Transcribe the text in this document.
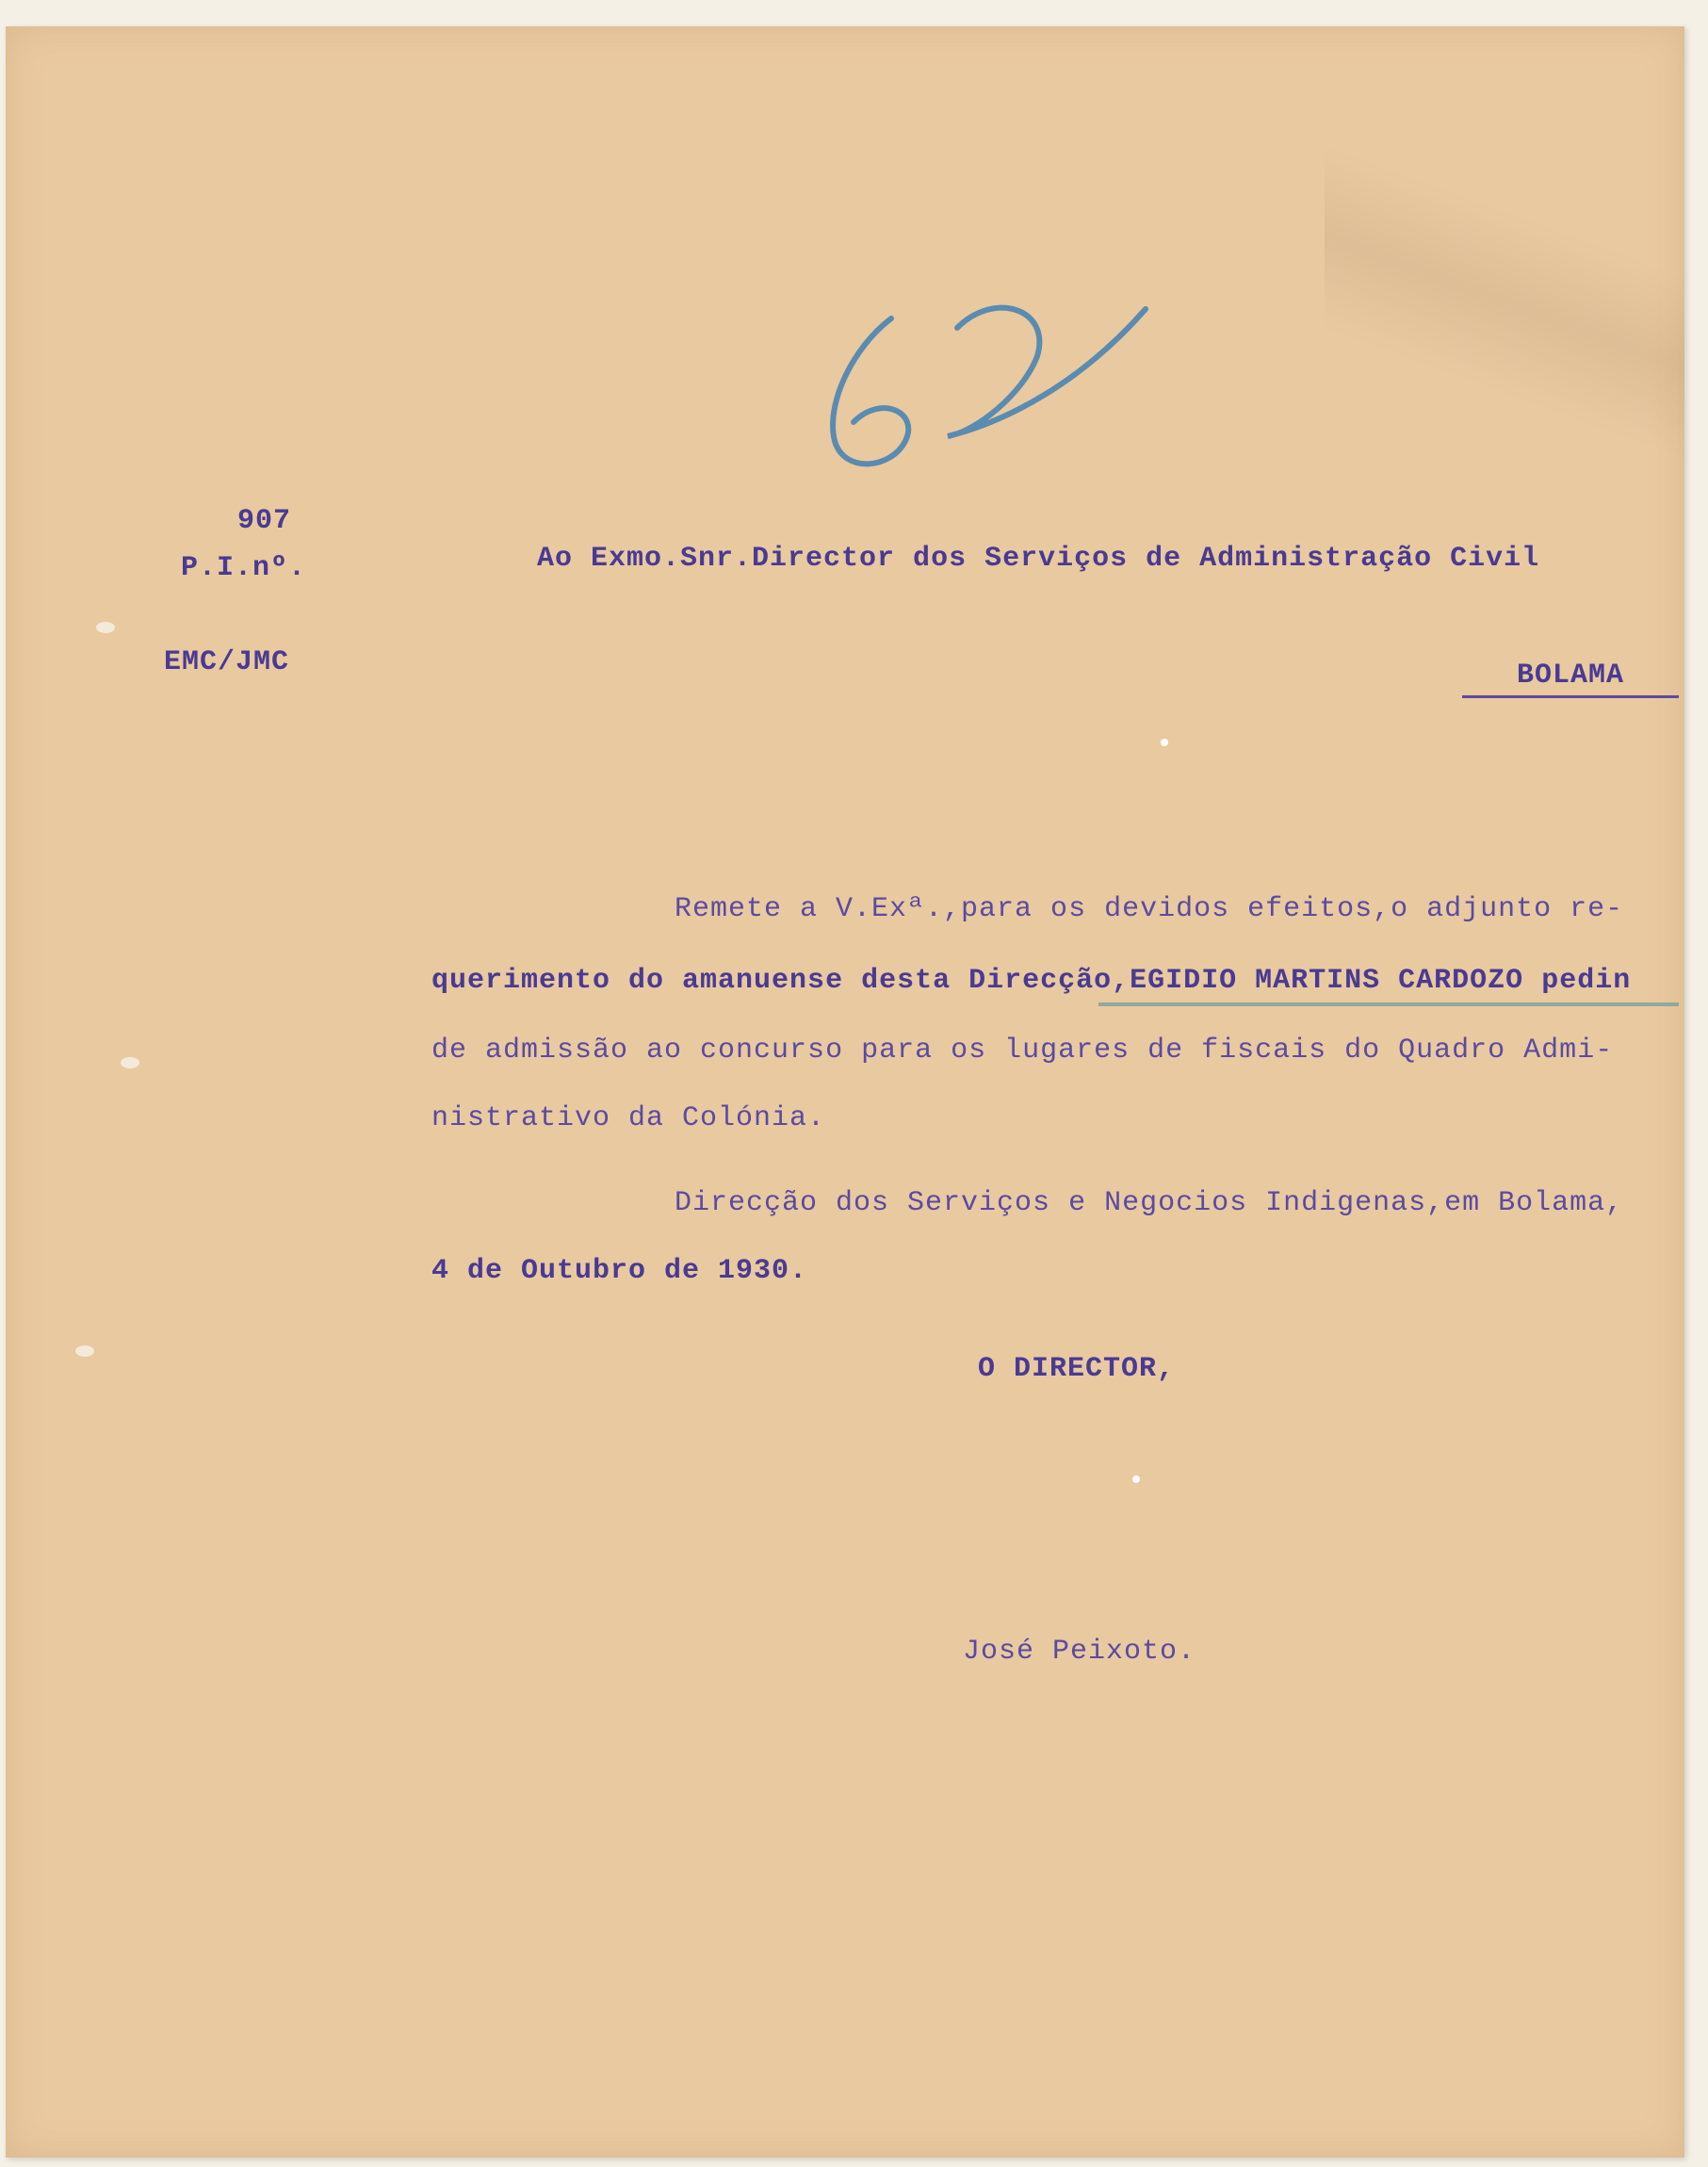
907
P.I.nº.
EMC/JMC
Ao Exmo.Snr.Director dos Serviços de Administração Civil
BOLAMA
Remete a V.Exª.,para os devidos efeitos,o adjunto re-
querimento do amanuense desta Direcção,EGIDIO MARTINS CARDOZO pedin
de admissão ao concurso para os lugares de fiscais do Quadro Admi-
nistrativo da Colónia.
Direcção dos Serviços e Negocios Indigenas,em Bolama,
4 de Outubro de 1930.
O DIRECTOR,
José Peixoto.
